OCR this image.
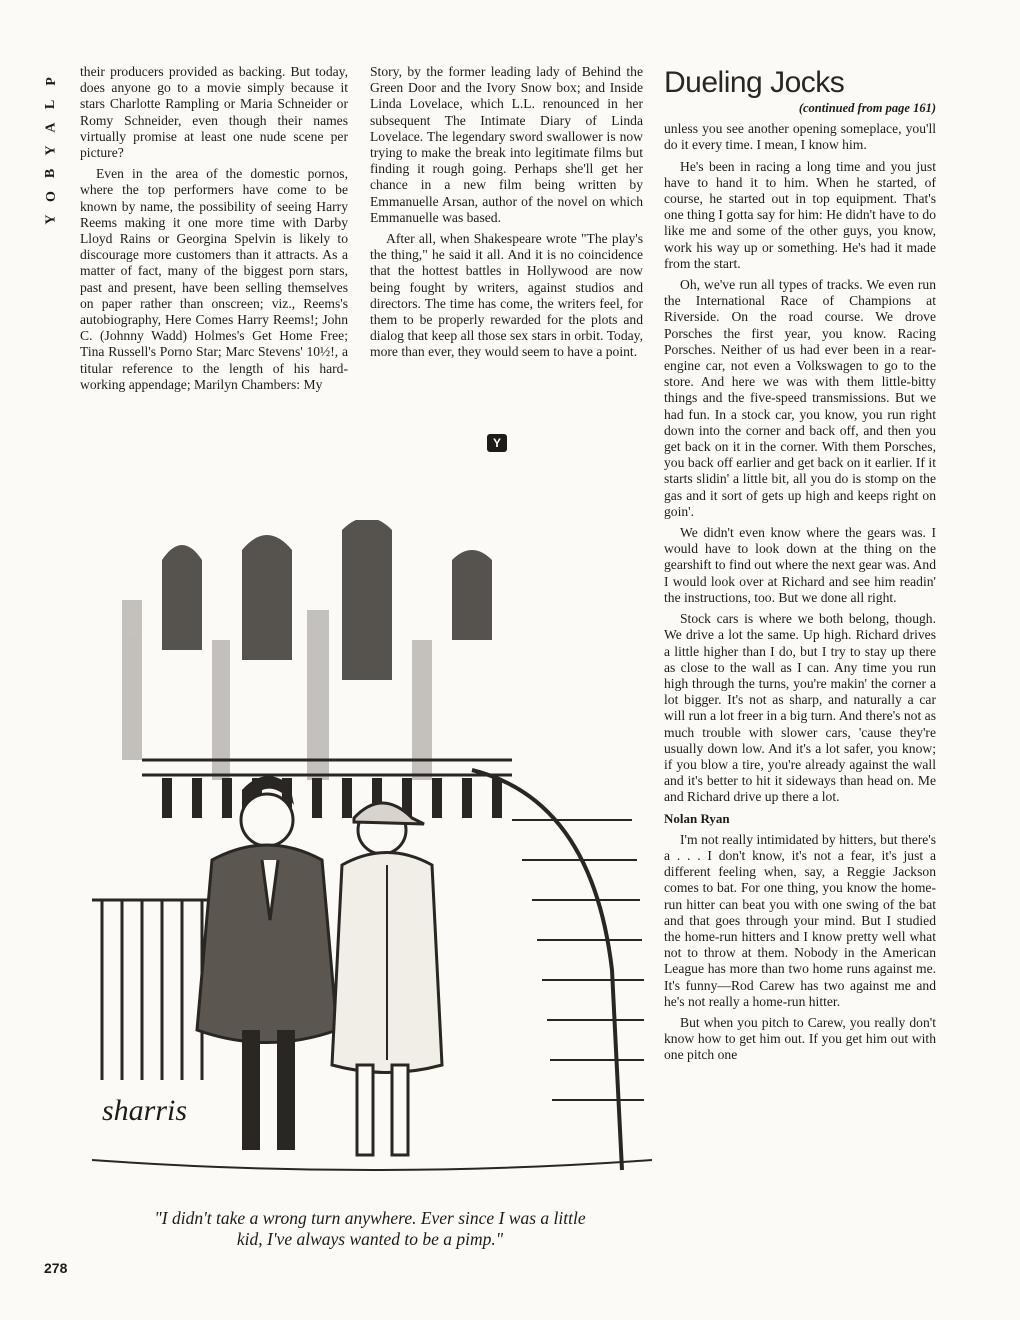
P
L
A
Y
B
O
Y

their producers provided as backing. But today, does anyone go to a movie simply because it stars Charlotte Rampling or Maria Schneider or Romy Schneider, even though their names virtually promise at least one nude scene per picture?

Even in the area of the domestic pornos, where the top performers have come to be known by name, the possibility of seeing Harry Reems making it one more time with Darby Lloyd Rains or Georgina Spelvin is likely to discourage more customers than it attracts. As a matter of fact, many of the biggest porn stars, past and present, have been selling themselves on paper rather than onscreen; viz., Reems's autobiography, Here Comes Harry Reems!; John C. (Johnny Wadd) Holmes's Get Home Free; Tina Russell's Porno Star; Marc Stevens' 10½!, a titular reference to the length of his hard-working appendage; Marilyn Chambers: My

Story, by the former leading lady of Behind the Green Door and the Ivory Snow box; and Inside Linda Lovelace, which L.L. renounced in her subsequent The Intimate Diary of Linda Lovelace. The legendary sword swallower is now trying to make the break into legitimate films but finding it rough going. Perhaps she'll get her chance in a new film being written by Emmanuelle Arsan, author of the novel on which Emmanuelle was based.

After all, when Shakespeare wrote "The play's the thing," he said it all. And it is no coincidence that the hottest battles in Hollywood are now being fought by writers, against studios and directors. The time has come, the writers feel, for them to be properly rewarded for the plots and dialog that keep all those sex stars in orbit. Today, more than ever, they would seem to have a point.

Y
Dueling Jocks

(continued from page 161)

unless you see another opening someplace, you'll do it every time. I mean, I know him.

He's been in racing a long time and you just have to hand it to him. When he started, of course, he started out in top equipment. That's one thing I gotta say for him: He didn't have to do like me and some of the other guys, you know, work his way up or something. He's had it made from the start.

Oh, we've run all types of tracks. We even run the International Race of Champions at Riverside. On the road course. We drove Porsches the first year, you know. Racing Porsches. Neither of us had ever been in a rear-engine car, not even a Volkswagen to go to the store. And here we was with them little-bitty things and the five-speed transmissions. But we had fun. In a stock car, you know, you run right down into the corner and back off, and then you get back on it in the corner. With them Porsches, you back off earlier and get back on it earlier. If it starts slidin' a little bit, all you do is stomp on the gas and it sort of gets up high and keeps right on goin'.

We didn't even know where the gears was. I would have to look down at the thing on the gearshift to find out where the next gear was. And I would look over at Richard and see him readin' the instructions, too. But we done all right.

Stock cars is where we both belong, though. We drive a lot the same. Up high. Richard drives a little higher than I do, but I try to stay up there as close to the wall as I can. Any time you run high through the turns, you're makin' the corner a lot bigger. It's not as sharp, and naturally a car will run a lot freer in a big turn. And there's not as much trouble with slower cars, 'cause they're usually down low. And it's a lot safer, you know; if you blow a tire, you're already against the wall and it's better to hit it sideways than head on. Me and Richard drive up there a lot.

Nolan Ryan

I'm not really intimidated by hitters, but there's a . . . I don't know, it's not a fear, it's just a different feeling when, say, a Reggie Jackson comes to bat. For one thing, you know the home-run hitter can beat you with one swing of the bat and that goes through your mind. But I studied the home-run hitters and I know pretty well what not to throw at them. Nobody in the American League has more than two home runs against me. It's funny—Rod Carew has two against me and he's not really a home-run hitter.

But when you pitch to Carew, you really don't know how to get him out. If you get him out with one pitch one

sharris
"I didn't take a wrong turn anywhere. Ever since I was a little kid, I've always wanted to be a pimp."
278
